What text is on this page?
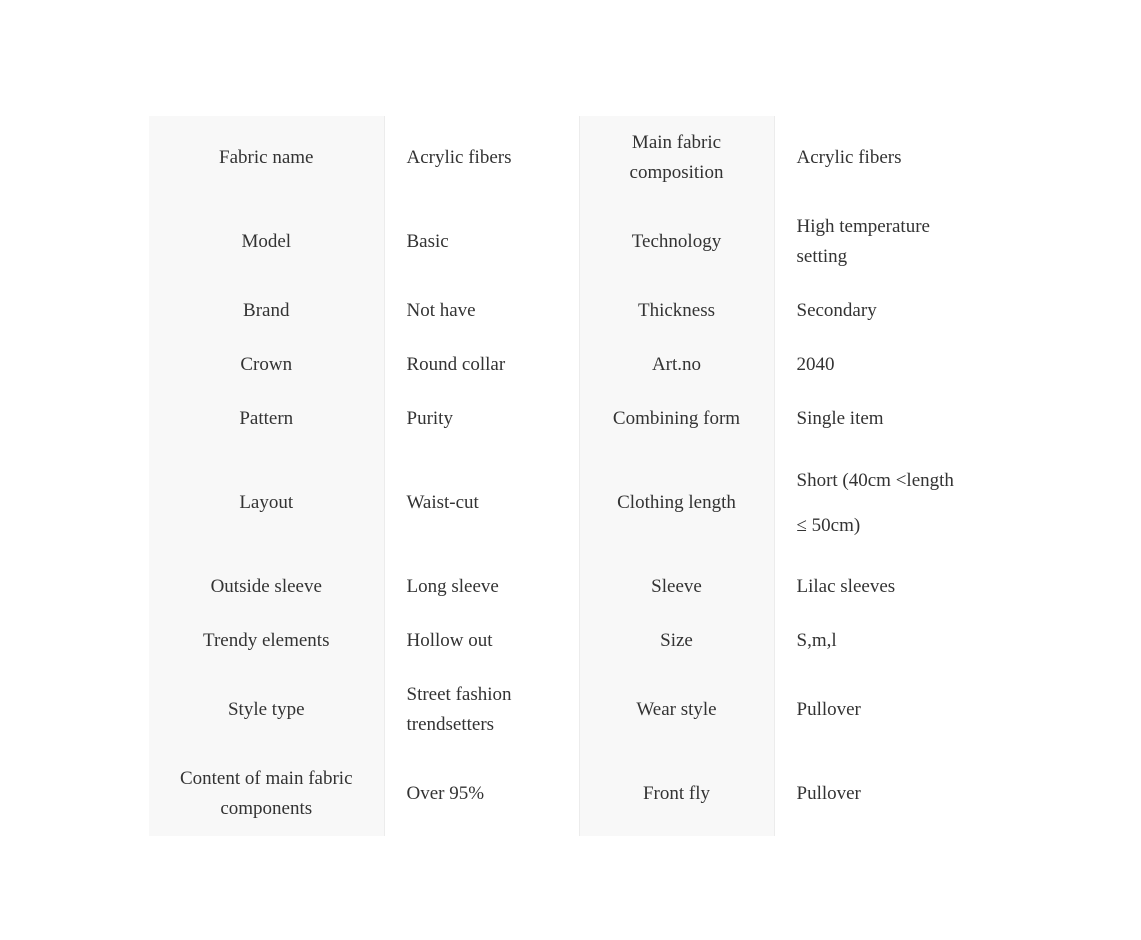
Fabric name	Acrylic fibers	Main fabric composition	Acrylic fibers
Model	Basic	Technology	High temperature setting
Brand	Not have	Thickness	Secondary
Crown	Round collar	Art.no	2040
Pattern	Purity	Combining form	Single item
Layout	Waist-cut	Clothing length	Short (40cm <length ≤ 50cm)
Outside sleeve	Long sleeve	Sleeve	Lilac sleeves
Trendy elements	Hollow out	Size	S,m,l
Style type	Street fashion trendsetters	Wear style	Pullover
Content of main fabric components	Over 95%	Front fly	Pullover
